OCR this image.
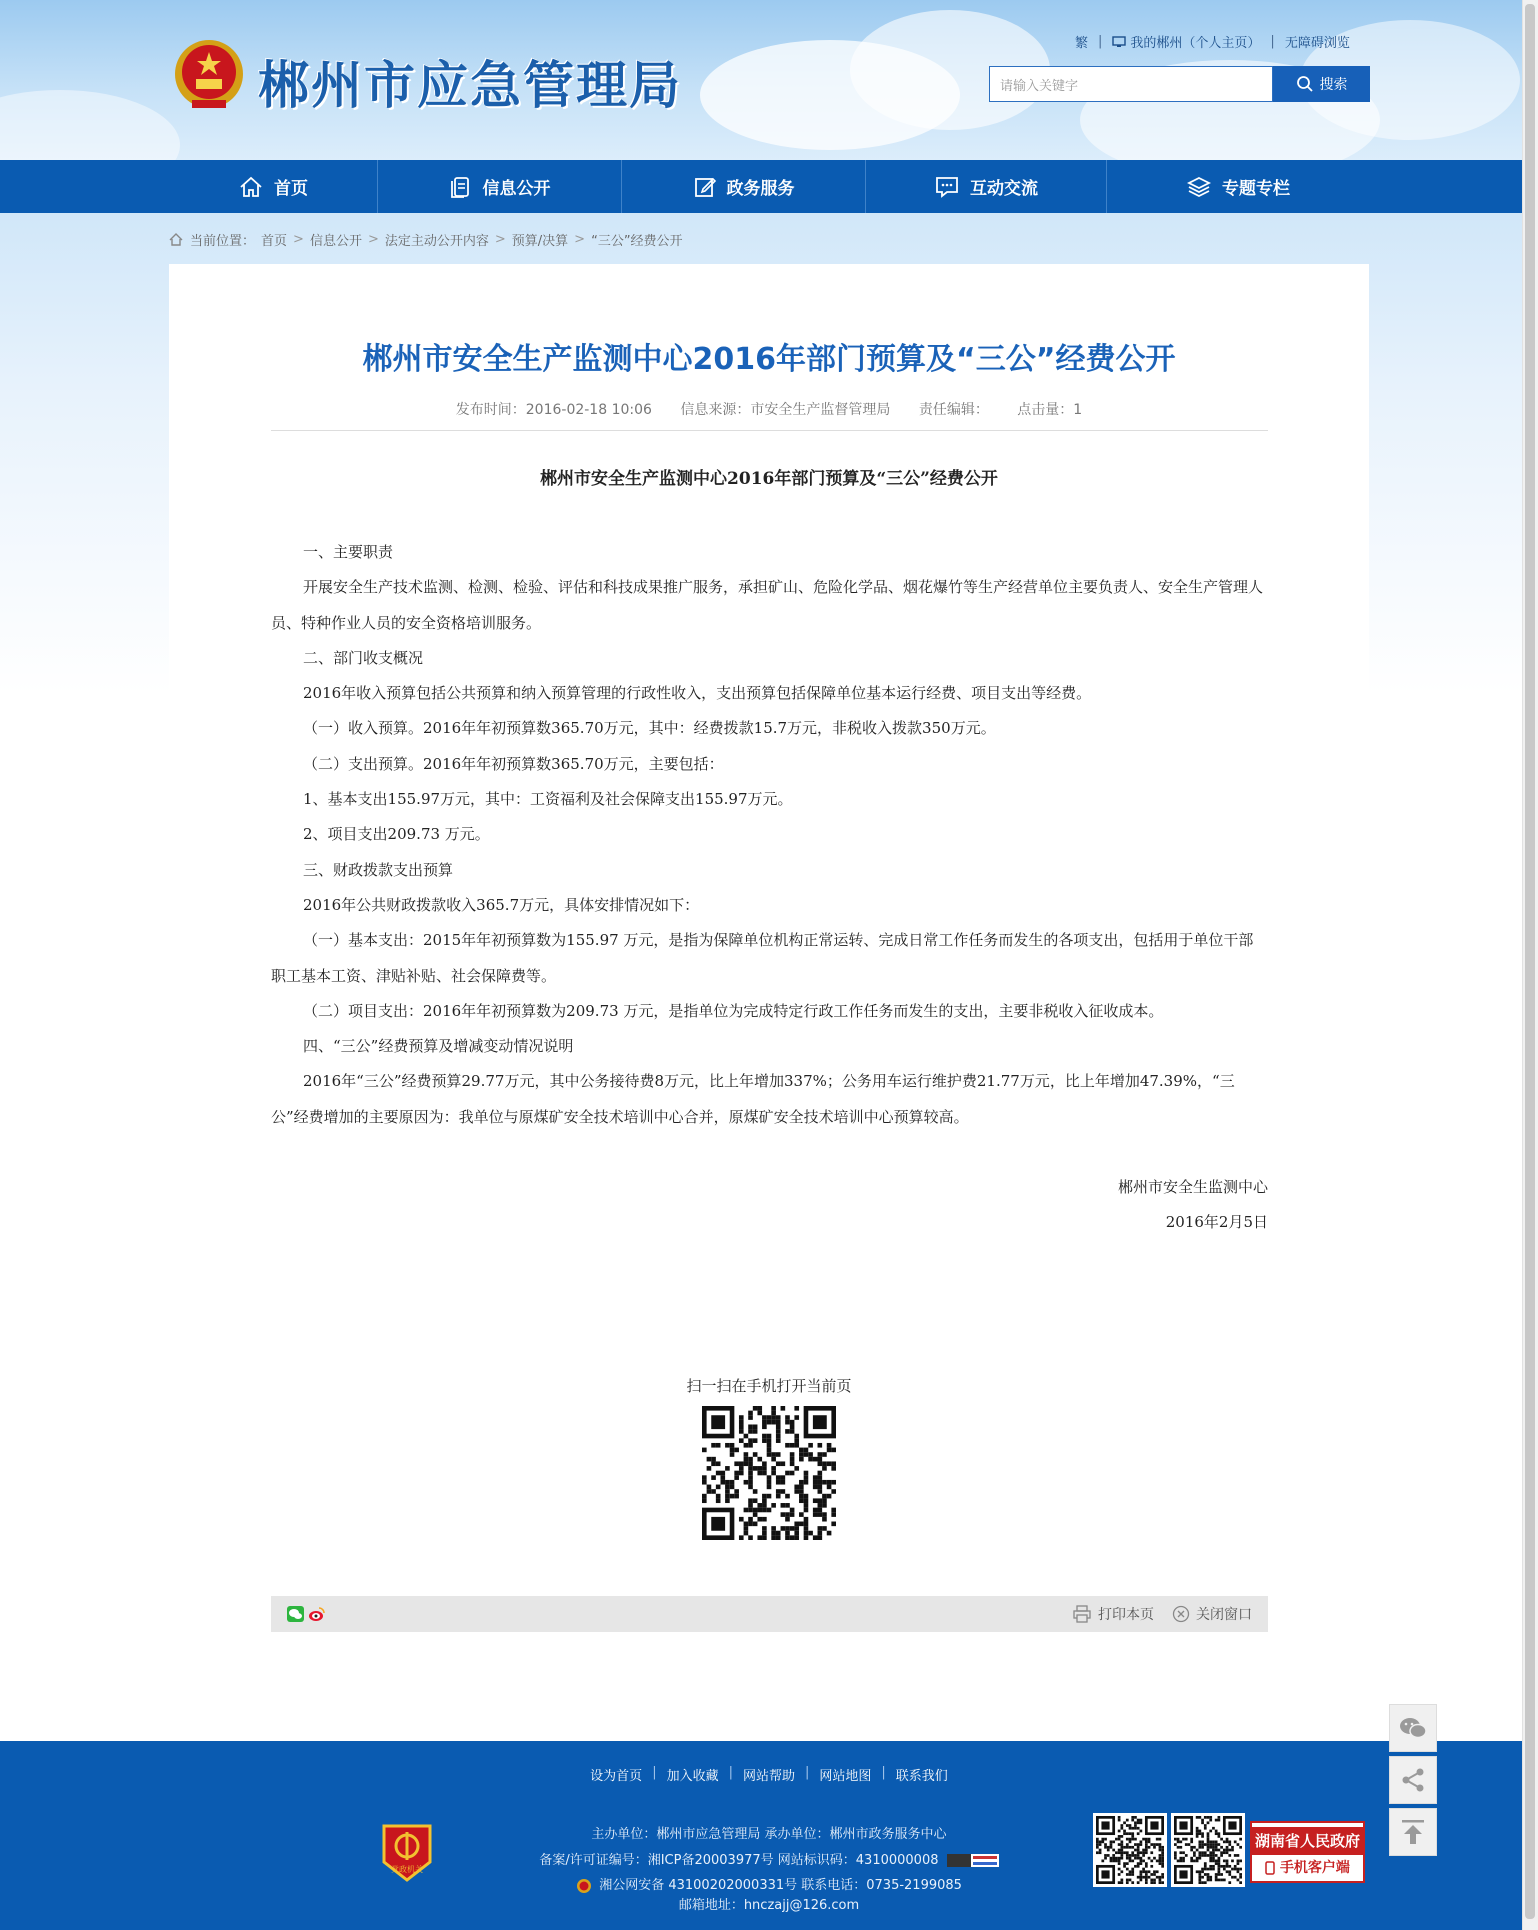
郴州市应急管理局
繁 | 我的郴州（个人主页） | 无障碍浏览
请输入关键字	搜索
首页	信息公开	政务服务	互动交流	专题专栏
当前位置： 首页 > 信息公开 > 法定主动公开内容 > 预算/决算 > “三公”经费公开
郴州市安全生产监测中心2016年部门预算及“三公”经费公开
发布时间：2016-02-18 10:06 信息来源：市安全生产监督管理局 责任编辑： 点击量：1
郴州市安全生产监测中心2016年部门预算及“三公”经费公开

一、主要职责

开展安全生产技术监测、检测、检验、评估和科技成果推广服务，承担矿山、危险化学品、烟花爆竹等生产经营单位主要负责人、安全生产管理人员、特种作业人员的安全资格培训服务。

二、部门收支概况

2016年收入预算包括公共预算和纳入预算管理的行政性收入，支出预算包括保障单位基本运行经费、项目支出等经费。

（一）收入预算。2016年年初预算数365.70万元，其中：经费拨款15.7万元，非税收入拨款350万元。

（二）支出预算。2016年年初预算数365.70万元，主要包括：

1、基本支出155.97万元，其中：工资福利及社会保障支出155.97万元。

2、项目支出209.73 万元。

三、财政拨款支出预算

2016年公共财政拨款收入365.7万元，具体安排情况如下：

（一）基本支出：2015年年初预算数为155.97 万元，是指为保障单位机构正常运转、完成日常工作任务而发生的各项支出，包括用于单位干部职工基本工资、津贴补贴、社会保障费等。

（二）项目支出：2016年年初预算数为209.73 万元，是指单位为完成特定行政工作任务而发生的支出，主要非税收入征收成本。

四、“三公”经费预算及增减变动情况说明

2016年“三公”经费预算29.77万元，其中公务接待费8万元，比上年增加337%；公务用车运行维护费21.77万元，比上年增加47.39%，“三公”经费增加的主要原因为：我单位与原煤矿安全技术培训中心合并，原煤矿安全技术培训中心预算较高。

郴州市安全生监测中心

2016年2月5日

扫一扫在手机打开当前页
打印本页	关闭窗口
设为首页 | 加入收藏 | 网站帮助 | 网站地图 | 联系我们
党政机关
主办单位：郴州市应急管理局 承办单位：郴州市政务服务中心
备案/许可证编号：湘ICP备20003977号 网站标识码：4310000008
湘公网安备 43100202000331号 联系电话：0735-2199085
邮箱地址：hnczajj@126.com
湖南省人民政府
手机客户端
